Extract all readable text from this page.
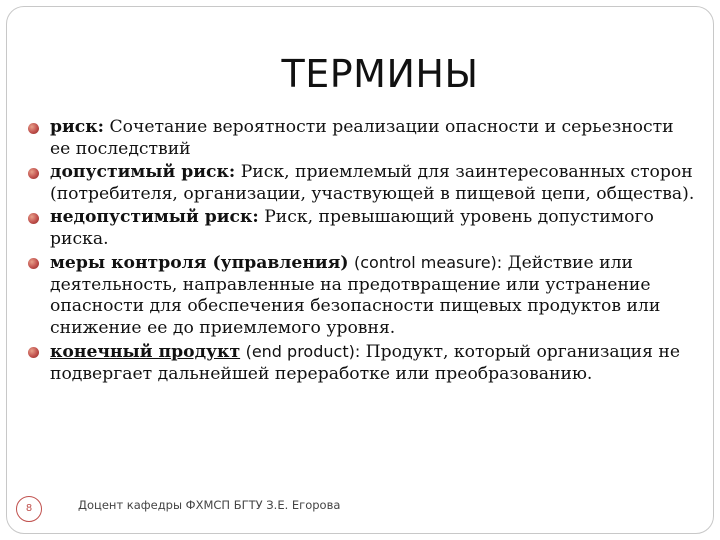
ТЕРМИНЫ
риск: Сочетание вероятности реализации опасности и серьезности ее последствий
допустимый риск: Риск, приемлемый для заинтересованных сторон (потребителя, организации, участвующей в пищевой цепи, общества).
недопустимый риск: Риск, превышающий уровень допустимого риска.
меры контроля (управления) (control measure): Действие или деятельность, направленные на предотвращение или устранение опасности для обеспечения безопасности пищевых продуктов или снижение ее до приемлемого уровня.
конечный продукт (end product): Продукт, который организация не подвергает дальнейшей переработке или преобразованию.
8	Доцент кафедры ФХМСП БГТУ З.Е. Егорова
